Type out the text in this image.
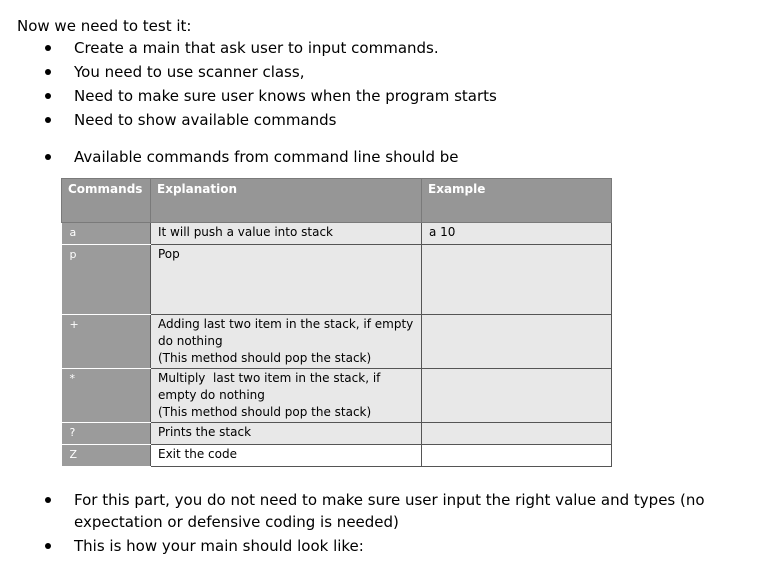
Now we need to test it:
Create a main that ask user to input commands.
You need to use scanner class,
Need to make sure user knows when the program starts
Need to show available commands
Available commands from command line should be
Commands	Explanation	Example
a	It will push a value into stack	a 10
p	Pop	

+	Adding last two item in the stack, if empty
do nothing
(This method should pop the stack)	

*	Multiply  last two item in the stack, if
empty do nothing
(This method should pop the stack)	

?	Prints the stack	

Z	Exit the code	

For this part, you do not need to make sure user input the right value and types (no expectation or defensive coding is needed)
This is how your main should look like:
